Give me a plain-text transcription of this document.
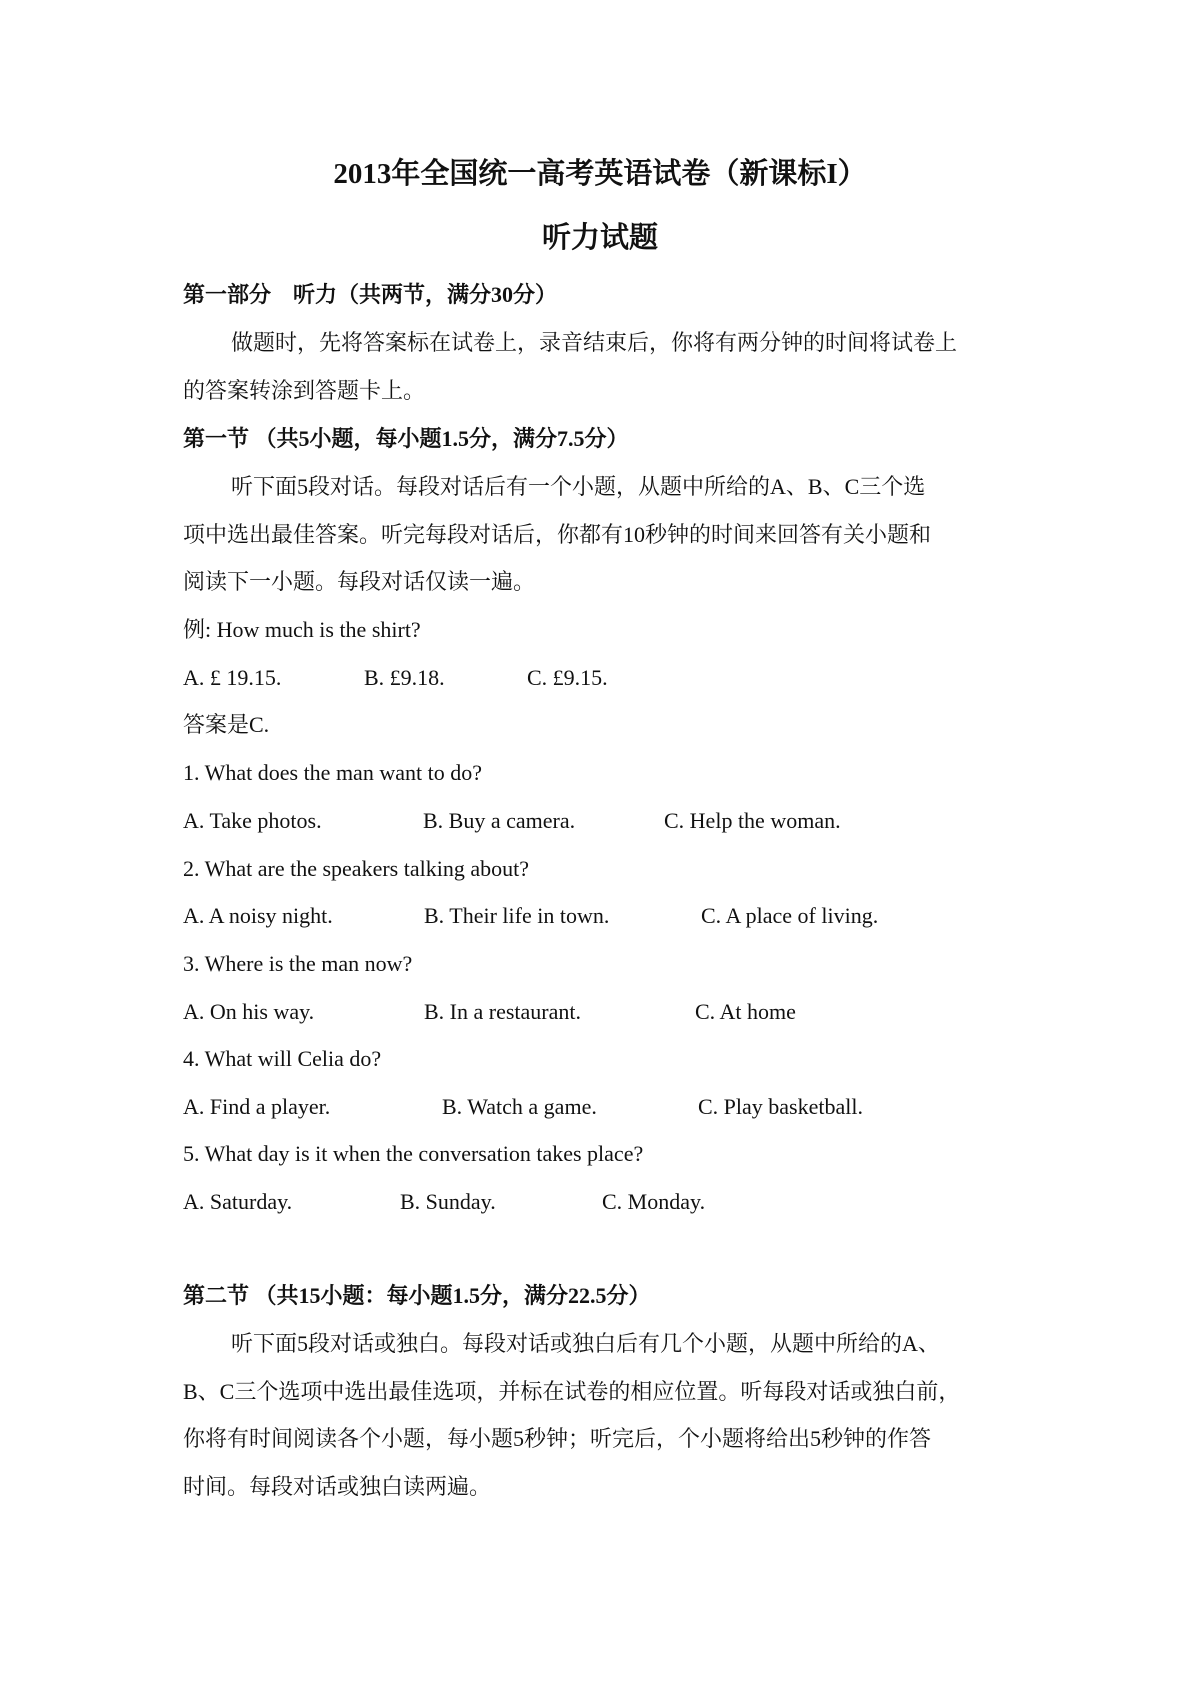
2013年全国统一高考英语试卷（新课标I）
听力试题
第一部分　听力（共两节，满分30分）
做题时，先将答案标在试卷上，录音结束后，你将有两分钟的时间将试卷上
的答案转涂到答题卡上。
第一节 （共5小题，每小题1.5分，满分7.5分）
听下面5段对话。每段对话后有一个小题，从题中所给的A、B、C三个选
项中选出最佳答案。听完每段对话后，你都有10秒钟的时间来回答有关小题和
阅读下一小题。每段对话仅读一遍。
例: How much is the shirt?
A. £ 19.15.	B. £9.18.	C. £9.15.
答案是C.
1. What does the man want to do?
A. Take photos.	B. Buy a camera.	C. Help the woman.
2. What are the speakers talking about?
A. A noisy night.	B. Their life in town.	C. A place of living.
3. Where is the man now?
A. On his way.	B. In a restaurant.	C. At home
4. What will Celia do?
A. Find a player.	B. Watch a game.	C. Play basketball.
5. What day is it when the conversation takes place?
A. Saturday.	B. Sunday.	C. Monday.
第二节 （共15小题：每小题1.5分，满分22.5分）
听下面5段对话或独白。每段对话或独白后有几个小题，从题中所给的A、
B、C三个选项中选出最佳选项，并标在试卷的相应位置。听每段对话或独白前，
你将有时间阅读各个小题，每小题5秒钟；听完后，个小题将给出5秒钟的作答
时间。每段对话或独白读两遍。
